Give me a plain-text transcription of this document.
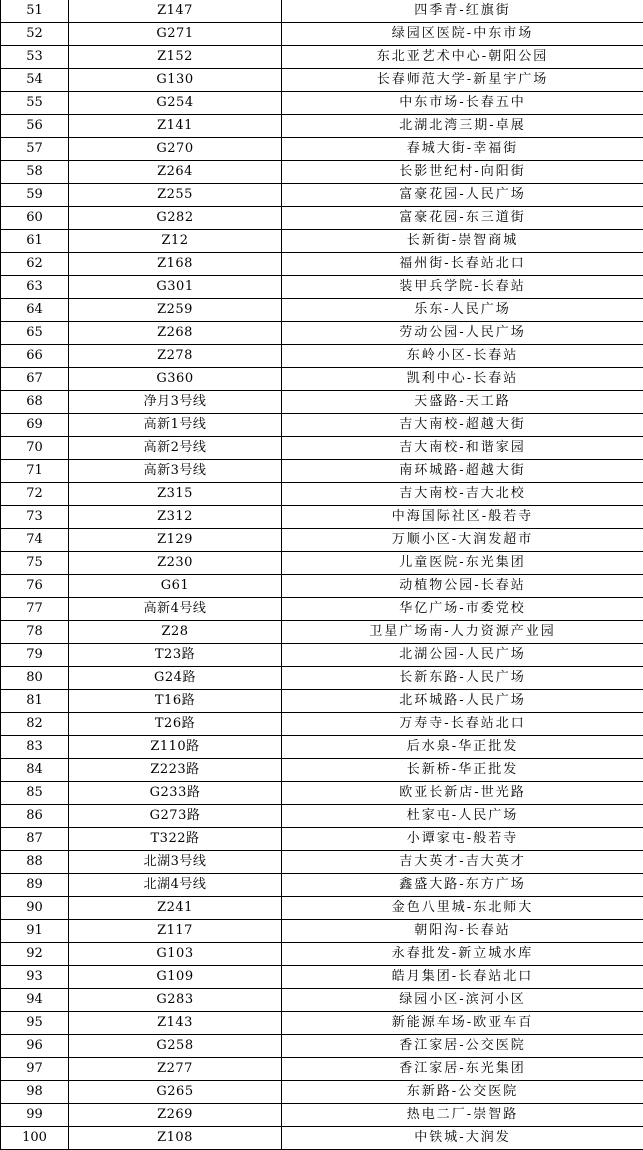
51	Z147	四季青-红旗街
52	G271	绿园区医院-中东市场
53	Z152	东北亚艺术中心-朝阳公园
54	G130	长春师范大学-新星宇广场
55	G254	中东市场-长春五中
56	Z141	北湖北湾三期-卓展
57	G270	春城大街-幸福街
58	Z264	长影世纪村-向阳街
59	Z255	富豪花园-人民广场
60	G282	富豪花园-东三道街
61	Z12	长新街-崇智商城
62	Z168	福州街-长春站北口
63	G301	装甲兵学院-长春站
64	Z259	乐东-人民广场
65	Z268	劳动公园-人民广场
66	Z278	东岭小区-长春站
67	G360	凯利中心-长春站
68	净月3号线	天盛路-天工路
69	高新1号线	吉大南校-超越大街
70	高新2号线	吉大南校-和谐家园
71	高新3号线	南环城路-超越大街
72	Z315	吉大南校-吉大北校
73	Z312	中海国际社区-般若寺
74	Z129	万顺小区-大润发超市
75	Z230	儿童医院-东光集团
76	G61	动植物公园-长春站
77	高新4号线	华亿广场-市委党校
78	Z28	卫星广场南-人力资源产业园
79	T23路	北湖公园-人民广场
80	G24路	长新东路-人民广场
81	T16路	北环城路-人民广场
82	T26路	万寿寺-长春站北口
83	Z110路	后水泉-华正批发
84	Z223路	长新桥-华正批发
85	G233路	欧亚长新店-世光路
86	G273路	杜家屯-人民广场
87	T322路	小谭家屯-般若寺
88	北湖3号线	吉大英才-吉大英才
89	北湖4号线	鑫盛大路-东方广场
90	Z241	金色八里城-东北师大
91	Z117	朝阳沟-长春站
92	G103	永春批发-新立城水库
93	G109	皓月集团-长春站北口
94	G283	绿园小区-滨河小区
95	Z143	新能源车场-欧亚车百
96	G258	香江家居-公交医院
97	Z277	香江家居-东光集团
98	G265	东新路-公交医院
99	Z269	热电二厂-崇智路
100	Z108	中铁城-大润发
